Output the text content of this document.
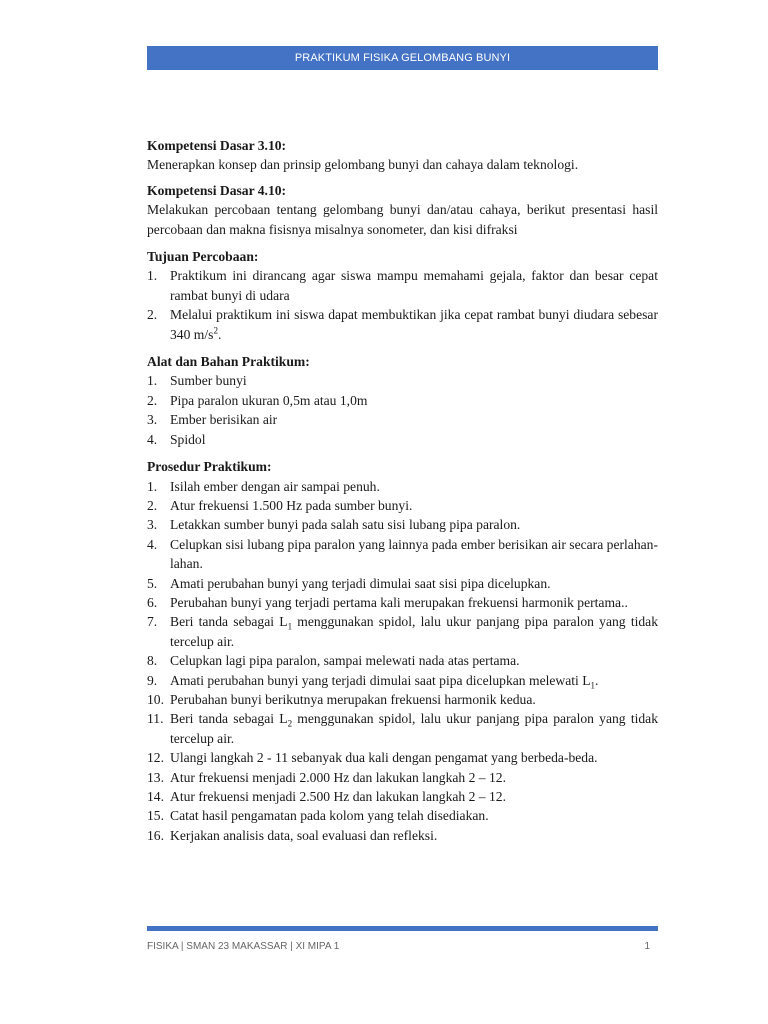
PRAKTIKUM FISIKA GELOMBANG BUNYI
Kompetensi Dasar 3.10:
Menerapkan konsep dan prinsip gelombang bunyi dan cahaya dalam teknologi.
Kompetensi Dasar 4.10:
Melakukan percobaan tentang gelombang bunyi dan/atau cahaya, berikut presentasi hasil percobaan dan makna fisisnya misalnya sonometer, dan kisi difraksi
Tujuan Percobaan:
1. Praktikum ini dirancang agar siswa mampu memahami gejala, faktor dan besar cepat rambat bunyi di udara
2. Melalui praktikum ini siswa dapat membuktikan jika cepat rambat bunyi diudara sebesar 340 $m/s^2$.
Alat dan Bahan Praktikum:
1. Sumber bunyi
2. Pipa paralon ukuran 0,5m atau 1,0m
3. Ember berisikan air
4. Spidol
Prosedur Praktikum:
1. Isilah ember dengan air sampai penuh.
2. Atur frekuensi 1.500 Hz pada sumber bunyi.
3. Letakkan sumber bunyi pada salah satu sisi lubang pipa paralon.
4. Celupkan sisi lubang pipa paralon yang lainnya pada ember berisikan air secara perlahan-lahan.
5. Amati perubahan bunyi yang terjadi dimulai saat sisi pipa dicelupkan.
6. Perubahan bunyi yang terjadi pertama kali merupakan frekuensi harmonik pertama..
7. Beri tanda sebagai $L_1$ menggunakan spidol, lalu ukur panjang pipa paralon yang tidak tercelup air.
8. Celupkan lagi pipa paralon, sampai melewati nada atas pertama.
9. Amati perubahan bunyi yang terjadi dimulai saat pipa dicelupkan melewati $L_1$.
10. Perubahan bunyi berikutnya merupakan frekuensi harmonik kedua.
11. Beri tanda sebagai $L_2$ menggunakan spidol, lalu ukur panjang pipa paralon yang tidak tercelup air.
12. Ulangi langkah 2 - 11 sebanyak dua kali dengan pengamat yang berbeda-beda.
13. Atur frekuensi menjadi 2.000 Hz dan lakukan langkah 2 – 12.
14. Atur frekuensi menjadi 2.500 Hz dan lakukan langkah 2 – 12.
15. Catat hasil pengamatan pada kolom yang telah disediakan.
16. Kerjakan analisis data, soal evaluasi dan refleksi.
FISIKA | SMAN 23 MAKASSAR | XI MIPA 1	1
